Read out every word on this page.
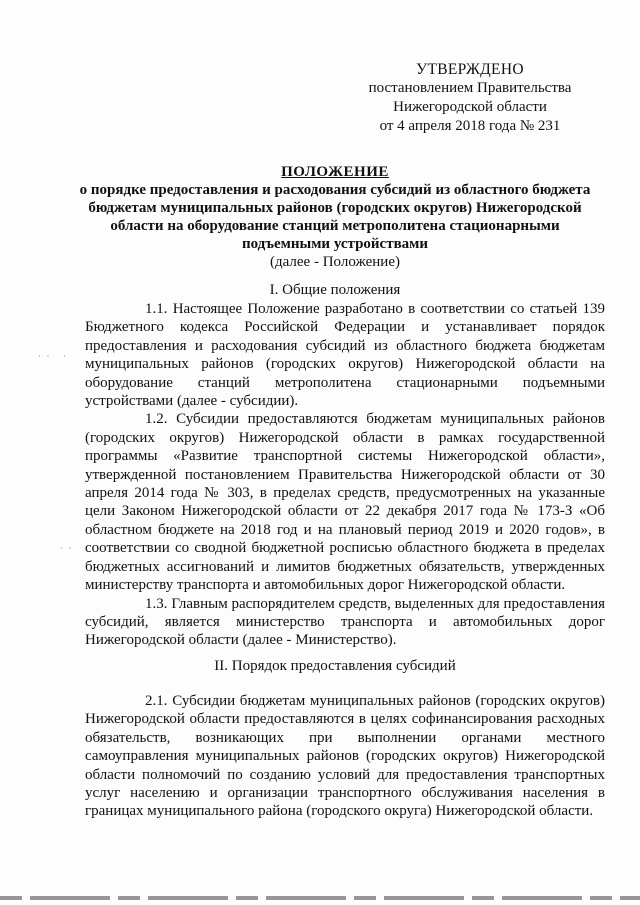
УТВЕРЖДЕНО
постановлением Правительства
Нижегородской области
от 4 апреля 2018 года № 231
ПОЛОЖЕНИЕ
о порядке предоставления и расходования субсидий из областного бюджета бюджетам муниципальных районов (городских округов) Нижегородской области на оборудование станций метрополитена стационарными подъемными устройствами
(далее - Положение)
I. Общие положения

1.1. Настоящее Положение разработано в соответствии со статьей 139 Бюджетного кодекса Российской Федерации и устанавливает порядок предоставления и расходования субсидий из областного бюджета бюджетам муниципальных районов (городских округов) Нижегородской области на оборудование станций метрополитена стационарными подъемными устройствами (далее - субсидии).

1.2. Субсидии предоставляются бюджетам муниципальных районов (городских округов) Нижегородской области в рамках государственной программы «Развитие транспортной системы Нижегородской области», утвержденной постановлением Правительства Нижегородской области от 30 апреля 2014 года № 303, в пределах средств, предусмотренных на указанные цели Законом Нижегородской области от 22 декабря 2017 года № 173-З «Об областном бюджете на 2018 год и на плановый период 2019 и 2020 годов», в соответствии со сводной бюджетной росписью областного бюджета в пределах бюджетных ассигнований и лимитов бюджетных обязательств, утвержденных министерству транспорта и автомобильных дорог Нижегородской области.

1.3. Главным распорядителем средств, выделенных для предоставления субсидий, является министерство транспорта и автомобильных дорог Нижегородской области (далее - Министерство).

II. Порядок предоставления субсидий

2.1. Субсидии бюджетам муниципальных районов (городских округов) Нижегородской области предоставляются в целях софинансирования расходных обязательств, возникающих при выполнении органами местного самоуправления муниципальных районов (городских округов) Нижегородской области полномочий по созданию условий для предоставления транспортных услуг населению и организации транспортного обслуживания населения в границах муниципального района (городского округа) Нижегородской области.

· ·   ·
· ·
